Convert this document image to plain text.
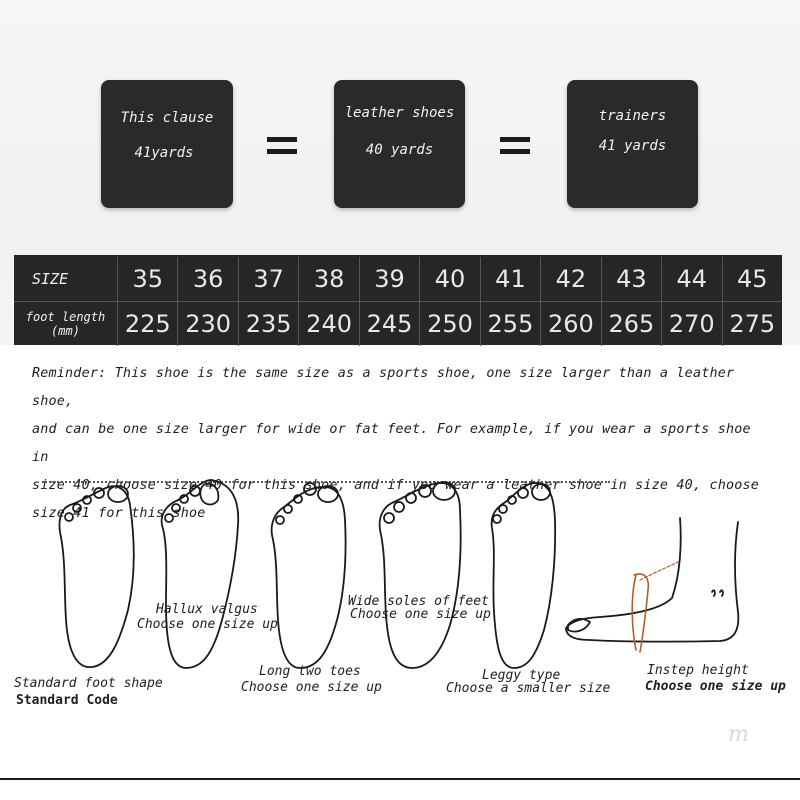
This clause
41yards
leather shoes
40 yards
trainers
41 yards
SIZE	35	36	37	38	39	40	41	42	43	44	45
foot length
(mm)	225 230 235 240 245 250 255 260 265 270 275
Reminder: This shoe is the same size as a sports shoe, one size larger than a leather shoe,
and can be one size larger for wide or fat feet. For example, if you wear a sports shoe in
size 40, choose size 40 for this shoe, and if you wear a leather shoe in size 40, choose
size 41 for this shoe
Standard foot shape
Standard Code
Hallux valgus
Choose one size up
Long two toes
Choose one size up
Wide soles of feet
Choose one size up
Leggy type
Choose a smaller size
Instep height
Choose one size up
m
